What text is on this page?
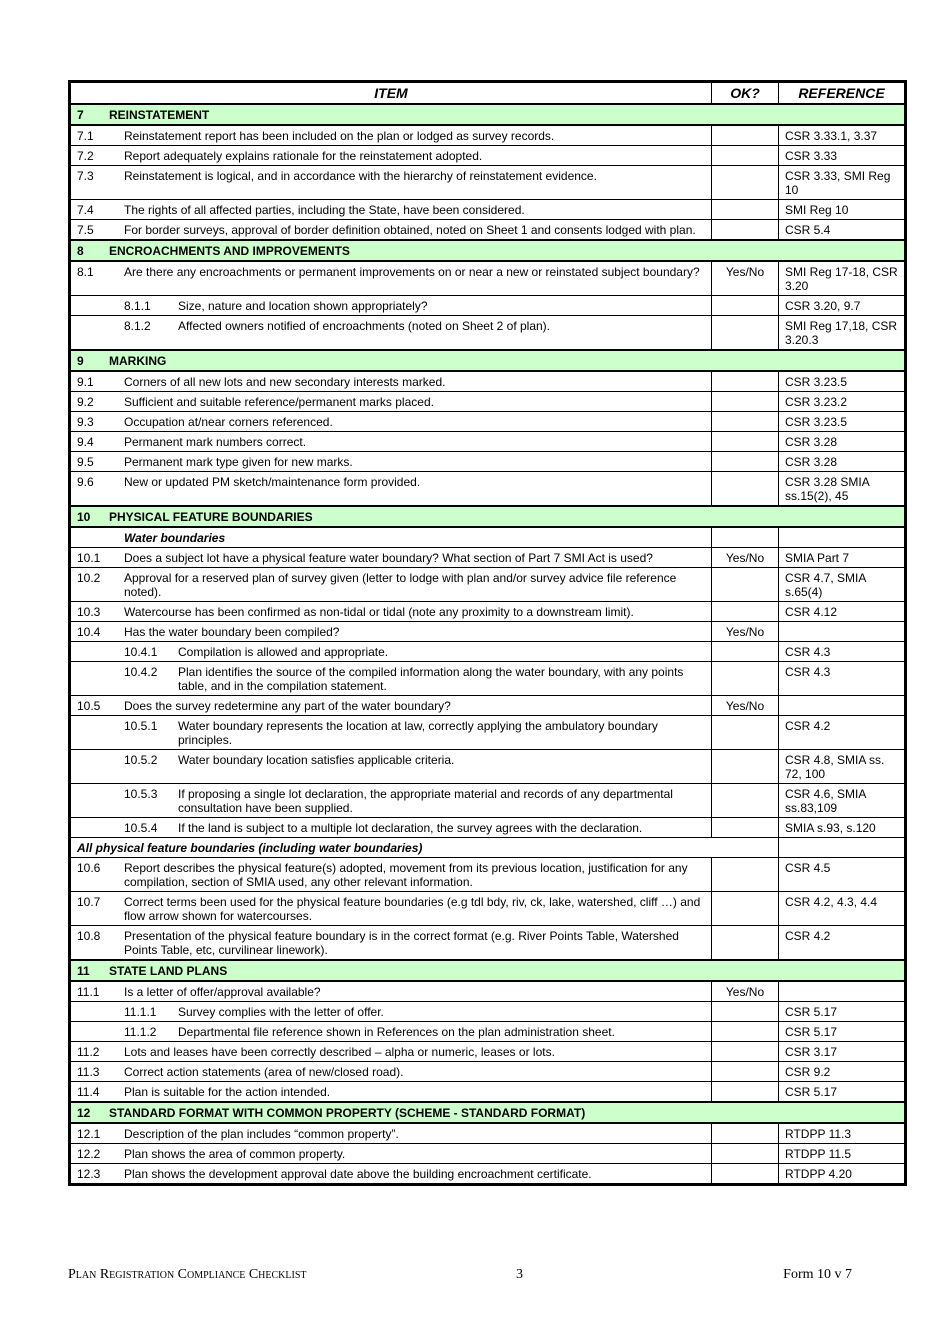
ITEM	OK?	REFERENCE
7 REINSTATEMENT		
7.1 Reinstatement report has been included on the plan or lodged as survey records.		CSR 3.33.1, 3.37
7.2 Report adequately explains rationale for the reinstatement adopted.		CSR 3.33
7.3 Reinstatement is logical, and in accordance with the hierarchy of reinstatement evidence.		CSR 3.33, SMI Reg 10
7.4 The rights of all affected parties, including the State, have been considered.		SMI Reg 10
7.5 For border surveys, approval of border definition obtained, noted on Sheet 1 and consents lodged with plan.		CSR 5.4
8 ENCROACHMENTS AND IMPROVEMENTS		
8.1 Are there any encroachments or permanent improvements on or near a new or reinstated subject boundary?	Yes/No	SMI Reg 17-18, CSR 3.20
8.1.1 Size, nature and location shown appropriately?		CSR 3.20, 9.7
8.1.2 Affected owners notified of encroachments (noted on Sheet 2 of plan).		SMI Reg 17,18, CSR 3.20.3
9 MARKING		
9.1 Corners of all new lots and new secondary interests marked.		CSR 3.23.5
9.2 Sufficient and suitable reference/permanent marks placed.		CSR 3.23.2
9.3 Occupation at/near corners referenced.		CSR 3.23.5
9.4 Permanent mark numbers correct.		CSR 3.28
9.5 Permanent mark type given for new marks.		CSR 3.28
9.6 New or updated PM sketch/maintenance form provided.		CSR 3.28 SMIA ss.15(2), 45
10 PHYSICAL FEATURE BOUNDARIES		
Water boundaries		
10.1 Does a subject lot have a physical feature water boundary? What section of Part 7 SMI Act is used?	Yes/No	SMIA Part 7
10.2 Approval for a reserved plan of survey given (letter to lodge with plan and/or survey advice file reference noted).		CSR 4.7, SMIA s.65(4)
10.3 Watercourse has been confirmed as non-tidal or tidal (note any proximity to a downstream limit).		CSR 4.12
10.4 Has the water boundary been compiled?	Yes/No	
10.4.1 Compilation is allowed and appropriate.		CSR 4.3
10.4.2 Plan identifies the source of the compiled information along the water boundary, with any points table, and in the compilation statement.		CSR 4.3
10.5 Does the survey redetermine any part of the water boundary?	Yes/No	
10.5.1 Water boundary represents the location at law, correctly applying the ambulatory boundary principles.		CSR 4.2
10.5.2 Water boundary location satisfies applicable criteria.		CSR 4.8, SMIA ss. 72, 100
10.5.3 If proposing a single lot declaration, the appropriate material and records of any departmental consultation have been supplied.		CSR 4.6, SMIA ss.83,109
10.5.4 If the land is subject to a multiple lot declaration, the survey agrees with the declaration.		SMIA s.93, s.120
All physical feature boundaries (including water boundaries)		
10.6 Report describes the physical feature(s) adopted, movement from its previous location, justification for any compilation, section of SMIA used, any other relevant information.		CSR 4.5
10.7 Correct terms been used for the physical feature boundaries (e.g tdl bdy, riv, ck, lake, watershed, cliff …) and flow arrow shown for watercourses.		CSR 4.2, 4.3, 4.4
10.8 Presentation of the physical feature boundary is in the correct format (e.g. River Points Table, Watershed Points Table, etc, curvilinear linework).		CSR 4.2
11 STATE LAND PLANS		
11.1 Is a letter of offer/approval available?	Yes/No	
11.1.1 Survey complies with the letter of offer.		CSR 5.17
11.1.2 Departmental file reference shown in References on the plan administration sheet.		CSR 5.17
11.2 Lots and leases have been correctly described – alpha or numeric, leases or lots.		CSR 3.17
11.3 Correct action statements (area of new/closed road).		CSR 9.2
11.4 Plan is suitable for the action intended.		CSR 5.17
12 STANDARD FORMAT WITH COMMON PROPERTY (SCHEME - STANDARD FORMAT)		
12.1 Description of the plan includes “common property”.		RTDPP 11.3
12.2 Plan shows the area of common property.		RTDPP 11.5
12.3 Plan shows the development approval date above the building encroachment certificate.		RTDPP 4.20
Plan Registration Compliance Checklist	3	Form 10 v 7
